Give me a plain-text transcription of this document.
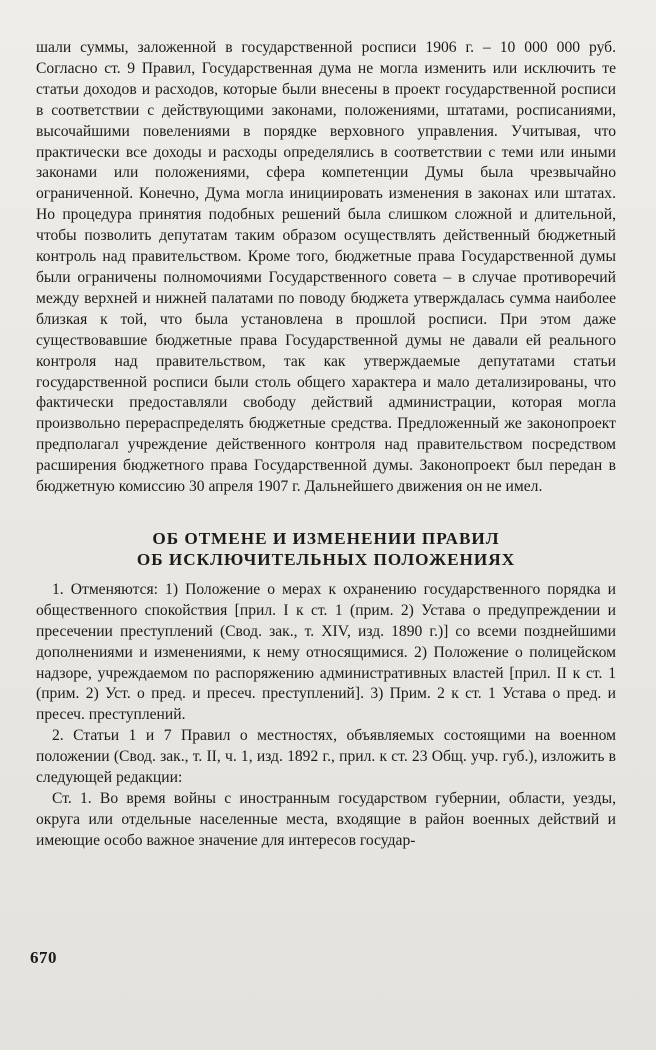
шали суммы, заложенной в государственной росписи 1906 г. – 10 000 000 руб. Согласно ст. 9 Правил, Государственная дума не могла изменить или исключить те статьи доходов и расходов, которые были внесены в проект государственной росписи в соответствии с действующими законами, положениями, штатами, росписаниями, высочайшими повелениями в порядке верховного управления. Учитывая, что практически все доходы и расходы определялись в соответствии с теми или иными законами или положениями, сфера компетенции Думы была чрезвычайно ограниченной. Конечно, Дума могла инициировать изменения в законах или штатах. Но процедура принятия подобных решений была слишком сложной и длительной, чтобы позволить депутатам таким образом осуществлять действенный бюджетный контроль над правительством. Кроме того, бюджетные права Государственной думы были ограничены полномочиями Государственного совета – в случае противоречий между верхней и нижней палатами по поводу бюджета утверждалась сумма наиболее близкая к той, что была установлена в прошлой росписи. При этом даже существовавшие бюджетные права Государственной думы не давали ей реального контроля над правительством, так как утверждаемые депутатами статьи государственной росписи были столь общего характера и мало детализированы, что фактически предоставляли свободу действий администрации, которая могла произвольно перераспределять бюджетные средства. Предложенный же законопроект предполагал учреждение действенного контроля над правительством посредством расширения бюджетного права Государственной думы. Законопроект был передан в бюджетную комиссию 30 апреля 1907 г. Дальнейшего движения он не имел.

ОБ ОТМЕНЕ И ИЗМЕНЕНИИ ПРАВИЛ

ОБ ИСКЛЮЧИТЕЛЬНЫХ ПОЛОЖЕНИЯХ

1. Отменяются: 1) Положение о мерах к охранению государственного порядка и общественного спокойствия [прил. I к ст. 1 (прим. 2) Устава о предупреждении и пресечении преступлений (Свод. зак., т. XIV, изд. 1890 г.)] со всеми позднейшими дополнениями и изменениями, к нему относящимися. 2) Положение о полицейском надзоре, учреждаемом по распоряжению административных властей [прил. II к ст. 1 (прим. 2) Уст. о пред. и пресеч. преступлений]. 3) Прим. 2 к ст. 1 Устава о пред. и пресеч. преступлений.

2. Статьи 1 и 7 Правил о местностях, объявляемых состоящими на военном положении (Свод. зак., т. II, ч. 1, изд. 1892 г., прил. к ст. 23 Общ. учр. губ.), изложить в следующей редакции:

Ст. 1. Во время войны с иностранным государством губернии, области, уезды, округа или отдельные населенные места, входящие в район военных действий и имеющие особо важное значение для интересов государ-

670
